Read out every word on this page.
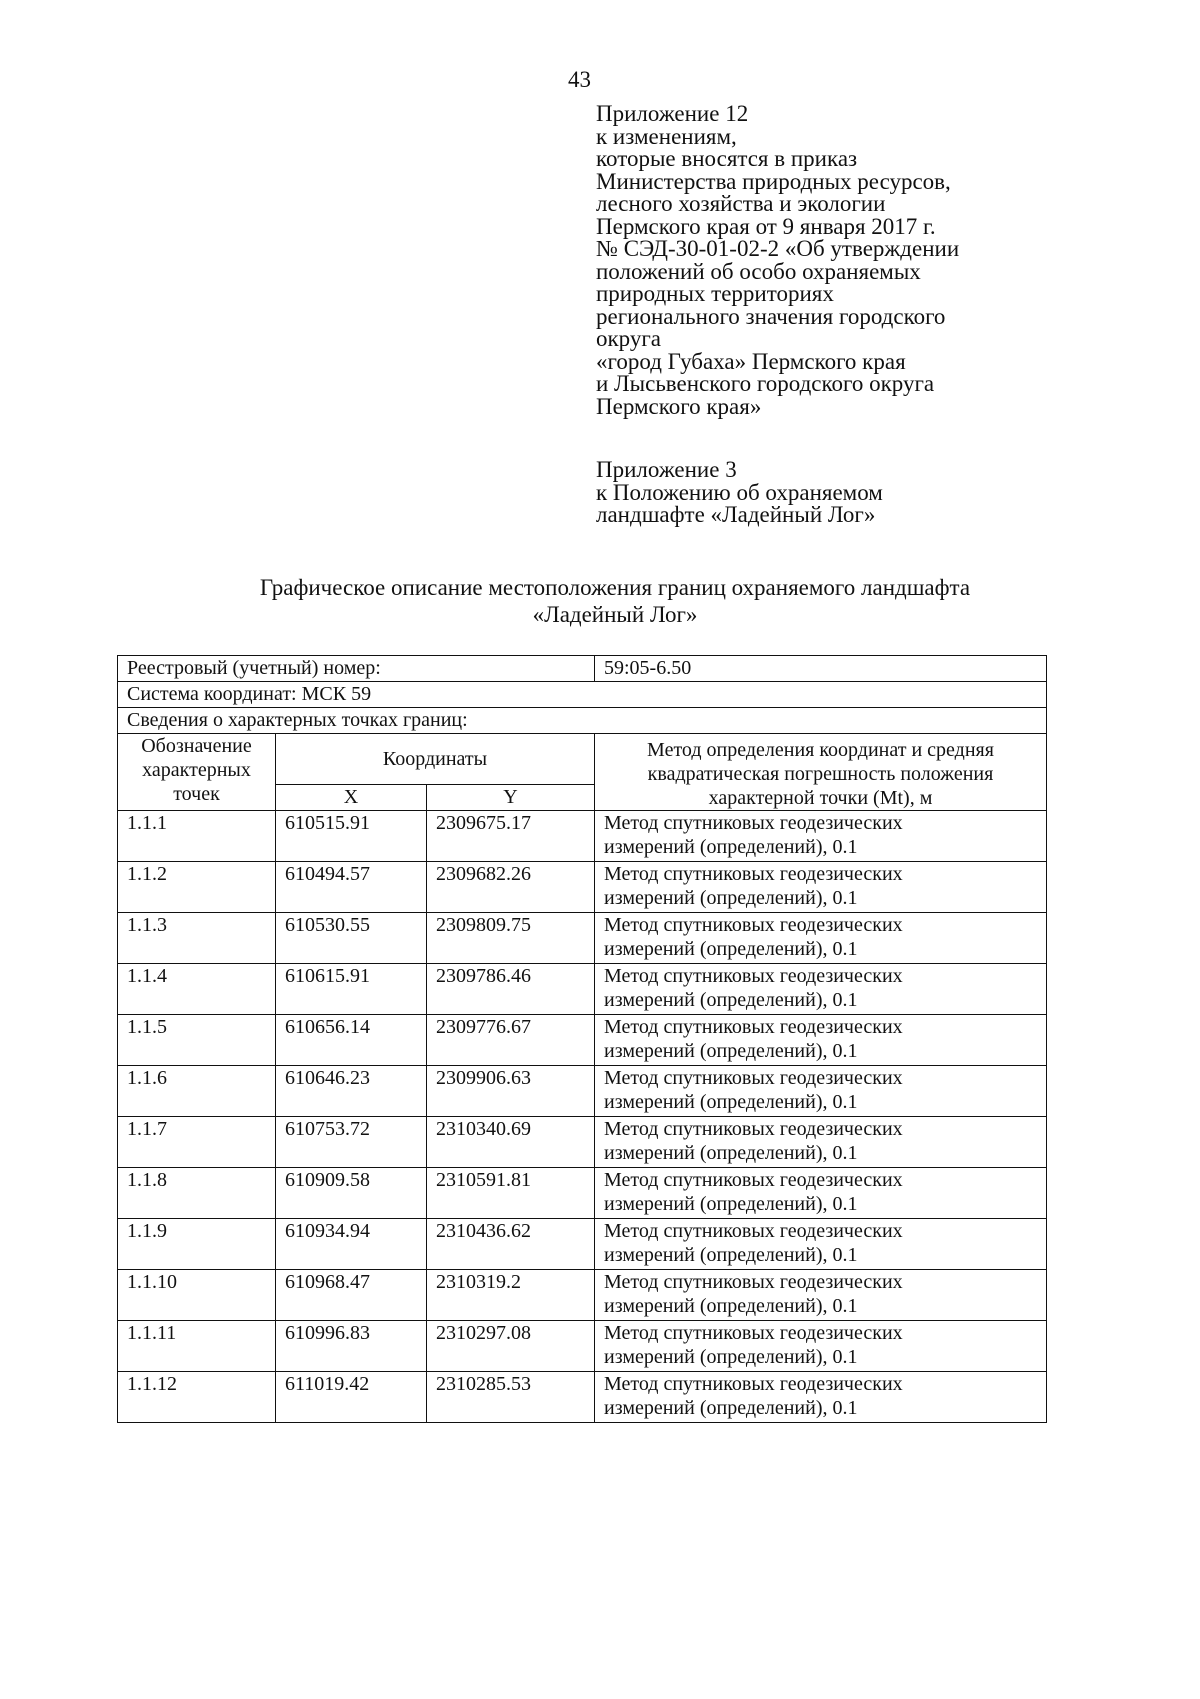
43
Приложение 12
к изменениям,
которые вносятся в приказ
Министерства природных ресурсов,
лесного хозяйства и экологии
Пермского края от 9 января 2017 г.
№ СЭД-30-01-02-2 «Об утверждении
положений об особо охраняемых
природных территориях
регионального значения городского
округа
«город Губаха» Пермского края
и Лысьвенского городского округа
Пермского края»
Приложение 3
к Положению об охраняемом
ландшафте «Ладейный Лог»
Графическое описание местоположения границ охраняемого ландшафта
«Ладейный Лог»
Реестровый (учетный) номер:			59:05-6.50
Система координат: МСК 59			
Сведения о характерных точках границ:			
Обозначение характерных точек	Координаты		Метод определения координат и средняя квадратическая погрешность положения характерной точки (Mt), м
	X	Y	
1.1.1	610515.91	2309675.17	Метод спутниковых геодезических
измерений (определений), 0.1

1.1.2	610494.57	2309682.26	Метод спутниковых геодезических
измерений (определений), 0.1

1.1.3	610530.55	2309809.75	Метод спутниковых геодезических
измерений (определений), 0.1

1.1.4	610615.91	2309786.46	Метод спутниковых геодезических
измерений (определений), 0.1

1.1.5	610656.14	2309776.67	Метод спутниковых геодезических
измерений (определений), 0.1

1.1.6	610646.23	2309906.63	Метод спутниковых геодезических
измерений (определений), 0.1

1.1.7	610753.72	2310340.69	Метод спутниковых геодезических
измерений (определений), 0.1

1.1.8	610909.58	2310591.81	Метод спутниковых геодезических
измерений (определений), 0.1

1.1.9	610934.94	2310436.62	Метод спутниковых геодезических
измерений (определений), 0.1

1.1.10	610968.47	2310319.2	Метод спутниковых геодезических
измерений (определений), 0.1

1.1.11	610996.83	2310297.08	Метод спутниковых геодезических
измерений (определений), 0.1

1.1.12	611019.42	2310285.53	Метод спутниковых геодезических
измерений (определений), 0.1
